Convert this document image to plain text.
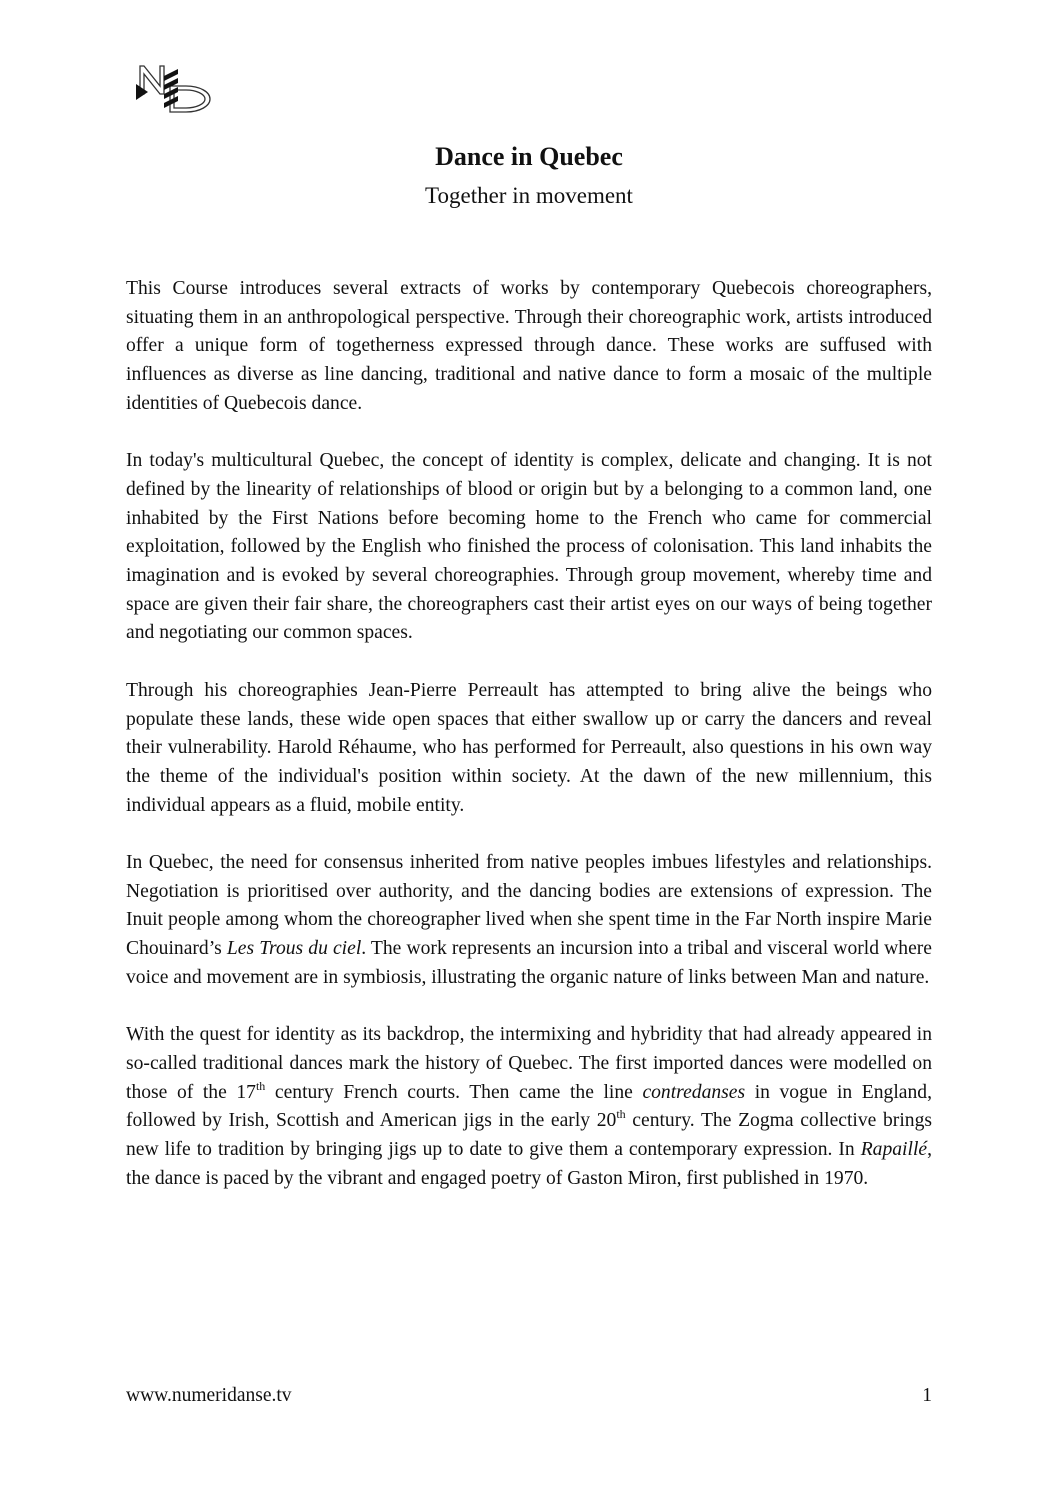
Dance in Quebec
Together in movement

This Course introduces several extracts of works by contemporary Quebecois choreographers, situating them in an anthropological perspective. Through their choreographic work, artists introduced offer a unique form of togetherness expressed through dance. These works are suffused with influences as diverse as line dancing, traditional and native dance to form a mosaic of the multiple identities of Quebecois dance.

In today's multicultural Quebec, the concept of identity is complex, delicate and changing. It is not defined by the linearity of relationships of blood or origin but by a belonging to a common land, one inhabited by the First Nations before becoming home to the French who came for commercial exploitation, followed by the English who finished the process of colonisation. This land inhabits the imagination and is evoked by several choreographies. Through group movement, whereby time and space are given their fair share, the choreographers cast their artist eyes on our ways of being together and negotiating our common spaces.

Through his choreographies Jean-Pierre Perreault has attempted to bring alive the beings who populate these lands, these wide open spaces that either swallow up or carry the dancers and reveal their vulnerability. Harold Réhaume, who has performed for Perreault, also questions in his own way the theme of the individual's position within society. At the dawn of the new millennium, this individual appears as a fluid, mobile entity.

In Quebec, the need for consensus inherited from native peoples imbues lifestyles and relationships. Negotiation is prioritised over authority, and the dancing bodies are extensions of expression. The Inuit people among whom the choreographer lived when she spent time in the Far North inspire Marie Chouinard’s Les Trous du ciel. The work represents an incursion into a tribal and visceral world where voice and movement are in symbiosis, illustrating the organic nature of links between Man and nature.

With the quest for identity as its backdrop, the intermixing and hybridity that had already appeared in so-called traditional dances mark the history of Quebec. The first imported dances were modelled on those of the 17th century French courts. Then came the line contredanses in vogue in England, followed by Irish, Scottish and American jigs in the early 20th century. The Zogma collective brings new life to tradition by bringing jigs up to date to give them a contemporary expression. In Rapaillé, the dance is paced by the vibrant and engaged poetry of Gaston Miron, first published in 1970.

www.numeridanse.tv	1
